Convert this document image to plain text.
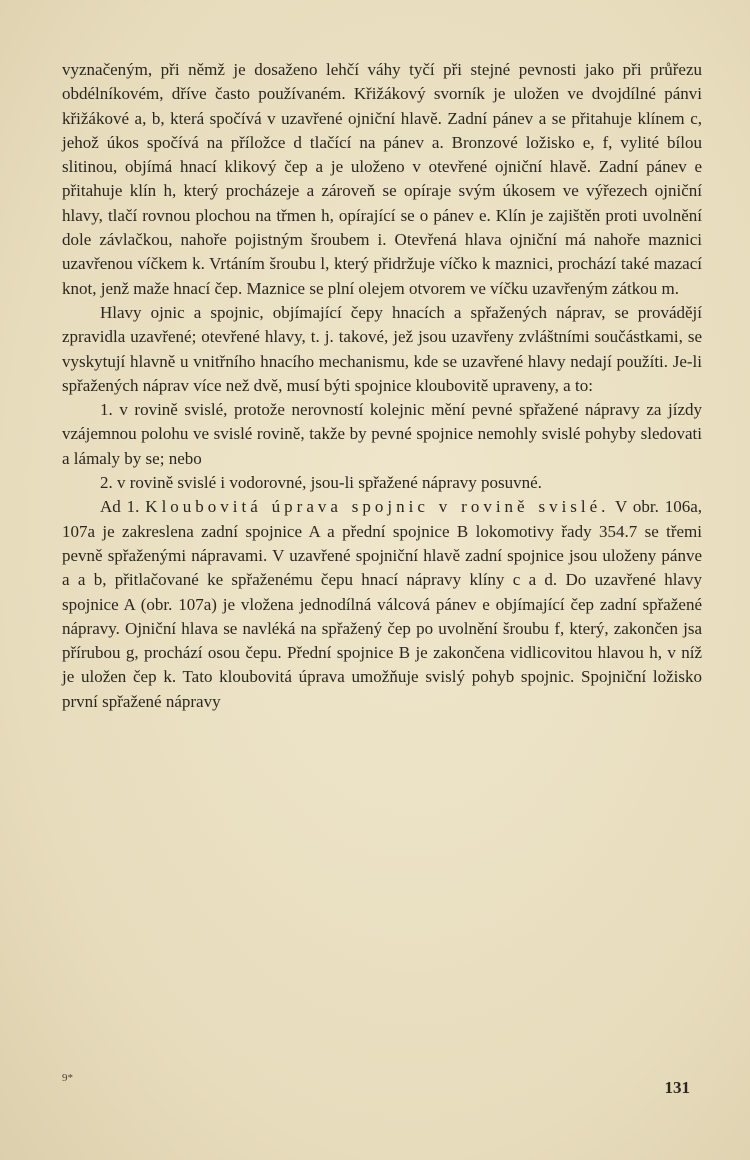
vyznačeným, při němž je dosaženo lehčí váhy tyčí při stejné pevnosti jako při průřezu obdélníkovém, dříve často používaném. Křižákový svorník je uložen ve dvojdílné pánvi křižákové a, b, která spočívá v uzavřené ojniční hlavě. Zadní pánev a se přitahuje klínem c, jehož úkos spočívá na příložce d tlačící na pánev a. Bronzové ložisko e, f, vylité bílou slitinou, objímá hnací klikový čep a je uloženo v otevřené ojniční hlavě. Zadní pánev e přitahuje klín h, který procházeje a zároveň se opíraje svým úkosem ve výřezech ojniční hlavy, tlačí rovnou plochou na třmen h, opírající se o pánev e. Klín je zajištěn proti uvolnění dole závlačkou, nahoře pojistným šroubem i. Otevřená hlava ojniční má nahoře maznici uzavřenou víčkem k. Vrtáním šroubu l, který přidržuje víčko k maznici, prochází také mazací knot, jenž maže hnací čep. Maznice se plní olejem otvorem ve víčku uzavřeným zátkou m.

Hlavy ojnic a spojnic, objímající čepy hnacích a spřažených náprav, se provádějí zpravidla uzavřené; otevřené hlavy, t. j. takové, jež jsou uzavřeny zvláštními součástkami, se vyskytují hlavně u vnitřního hnacího mechanismu, kde se uzavřené hlavy nedají použíti. Je-li spřažených náprav více než dvě, musí býti spojnice kloubovitě upraveny, a to:

1. v rovině svislé, protože nerovností kolejnic mění pevné spřažené nápravy za jízdy vzájemnou polohu ve svislé rovině, takže by pevné spojnice nemohly svislé pohyby sledovati a lámaly by se; nebo

2. v rovině svislé i vodorovné, jsou-li spřažené nápravy posuvné.

Ad 1. Kloubovitá úprava spojnic v rovině svislé. V obr. 106a, 107a je zakreslena zadní spojnice A a přední spojnice B lokomotivy řady 354.7 se třemi pevně spřaženými nápravami. V uzavřené spojniční hlavě zadní spojnice jsou uloženy pánve a a b, přitlačované ke spřaženému čepu hnací nápravy klíny c a d. Do uzavřené hlavy spojnice A (obr. 107a) je vložena jednodílná válcová pánev e objímající čep zadní spřažené nápravy. Ojniční hlava se navléká na spřažený čep po uvolnění šroubu f, který, zakončen jsa přírubou g, prochází osou čepu. Přední spojnice B je zakončena vidlicovitou hlavou h, v níž je uložen čep k. Tato kloubovitá úprava umožňuje svislý pohyb spojnic. Spojniční ložisko první spřažené nápravy

9*	131
